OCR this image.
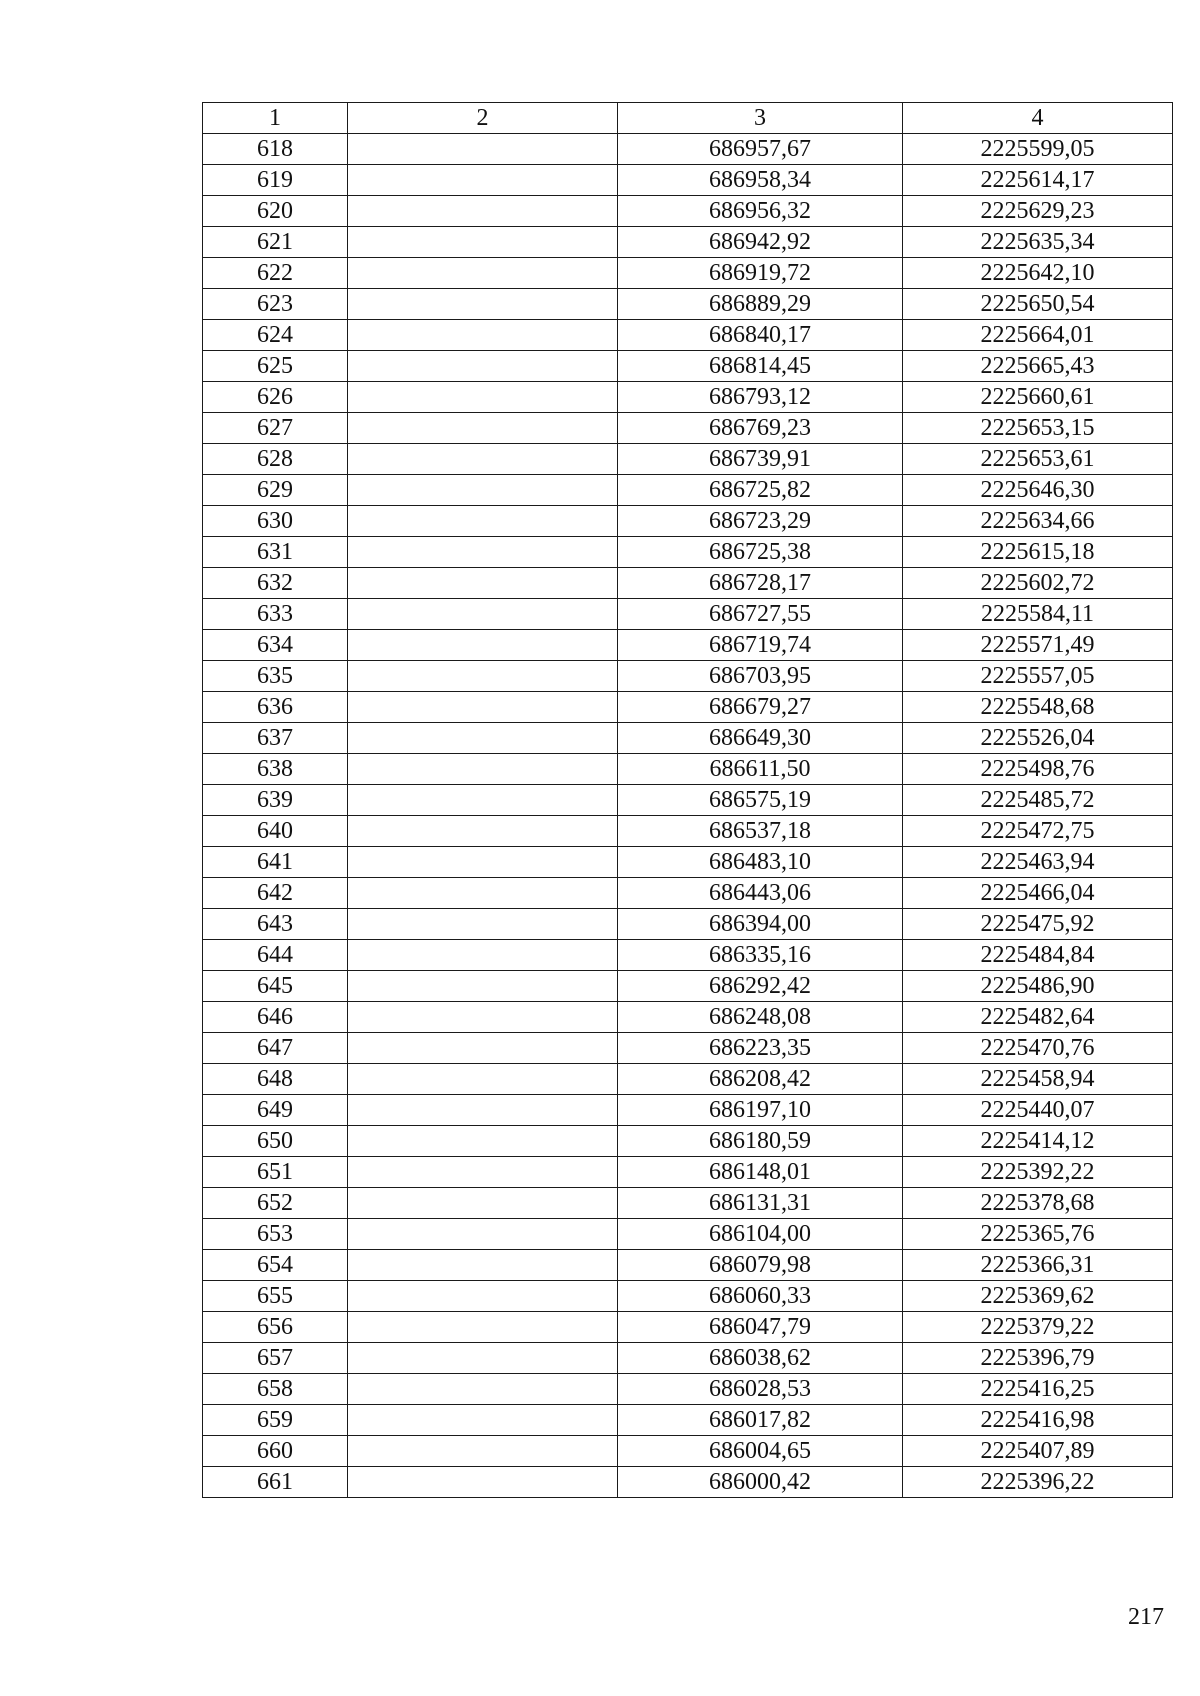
1	2	3	4
618		686957,67	2225599,05
619		686958,34	2225614,17
620		686956,32	2225629,23
621		686942,92	2225635,34
622		686919,72	2225642,10
623		686889,29	2225650,54
624		686840,17	2225664,01
625		686814,45	2225665,43
626		686793,12	2225660,61
627		686769,23	2225653,15
628		686739,91	2225653,61
629		686725,82	2225646,30
630		686723,29	2225634,66
631		686725,38	2225615,18
632		686728,17	2225602,72
633		686727,55	2225584,11
634		686719,74	2225571,49
635		686703,95	2225557,05
636		686679,27	2225548,68
637		686649,30	2225526,04
638		686611,50	2225498,76
639		686575,19	2225485,72
640		686537,18	2225472,75
641		686483,10	2225463,94
642		686443,06	2225466,04
643		686394,00	2225475,92
644		686335,16	2225484,84
645		686292,42	2225486,90
646		686248,08	2225482,64
647		686223,35	2225470,76
648		686208,42	2225458,94
649		686197,10	2225440,07
650		686180,59	2225414,12
651		686148,01	2225392,22
652		686131,31	2225378,68
653		686104,00	2225365,76
654		686079,98	2225366,31
655		686060,33	2225369,62
656		686047,79	2225379,22
657		686038,62	2225396,79
658		686028,53	2225416,25
659		686017,82	2225416,98
660		686004,65	2225407,89
661		686000,42	2225396,22
217
